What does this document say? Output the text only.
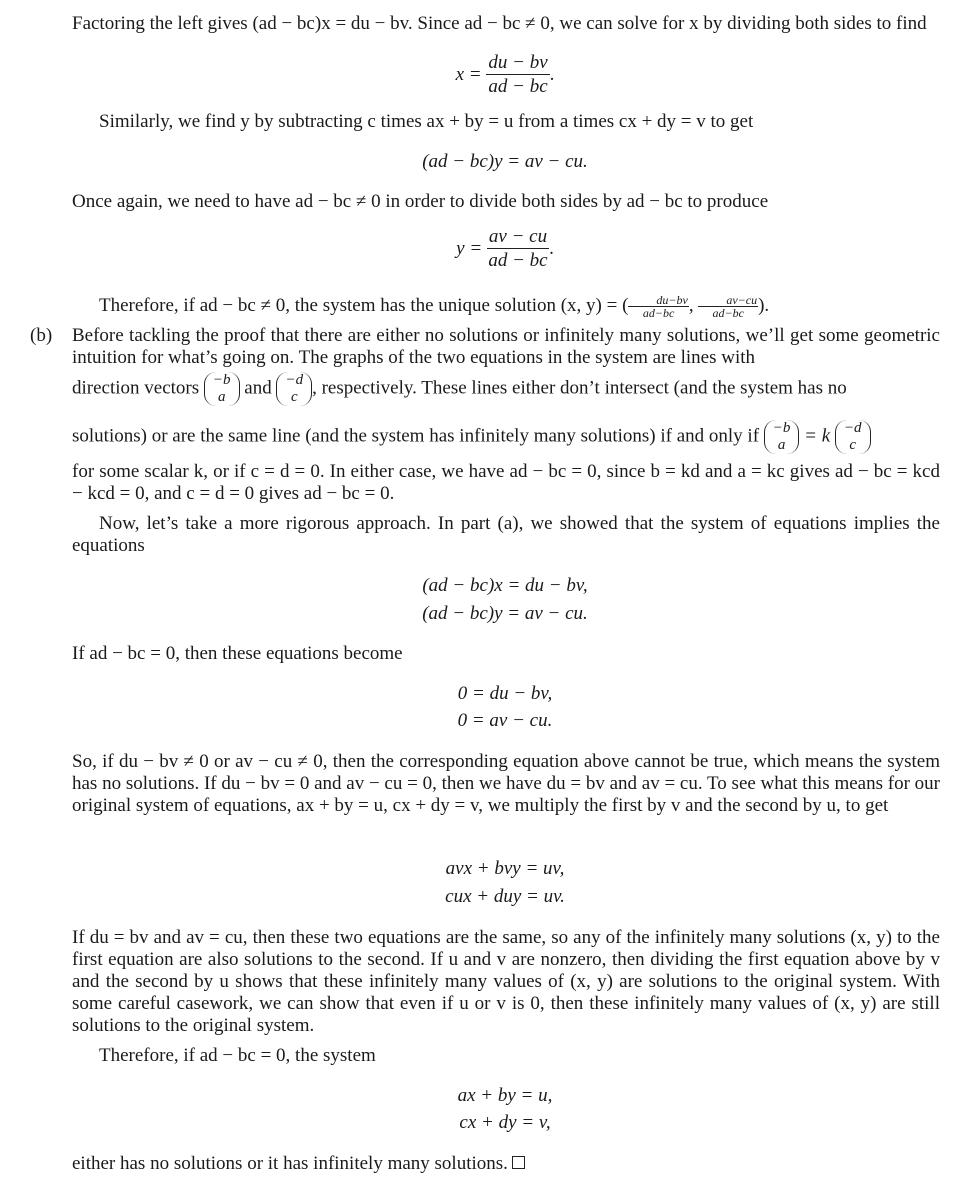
Factoring the left gives (ad − bc)x = du − bv. Since ad − bc ≠ 0, we can solve for x by dividing both sides to find
$x = \frac{du - bv}{ad - bc}$ .
Similarly, we find y by subtracting c times ax + by = u from a times cx + dy = v to get
(ad − bc)y = av − cu.
Once again, we need to have ad − bc ≠ 0 in order to divide both sides by ad − bc to produce
$y = \frac{av - cu}{ad - bc}$ .
Therefore, if ad − bc ≠ 0, the system has the unique solution (x, y) = ( $\frac{du-bv}{ad-bc}$, $\frac{av-cu}{ad-bc}$).
(b) Before tackling the proof that there are either no solutions or infinitely many solutions, we’ll get some geometric intuition for what’s going on. The graphs of the two equations in the system are lines with
direction vectors −b
a and −d
c , respectively. These lines either don’t intersect (and the system has no
solutions) or are the same line (and the system has infinitely many solutions) if and only if −b
a = k −d
c
for some scalar k, or if c = d = 0. In either case, we have ad − bc = 0, since b = kd and a = kc gives ad − bc = kcd − kcd = 0, and c = d = 0 gives ad − bc = 0.
Now, let’s take a more rigorous approach. In part (a), we showed that the system of equations implies the equations
(ad − bc)x = du − bv,
(ad − bc)y = av − cu.
If ad − bc = 0, then these equations become
0 = du − bv,
0 = av − cu.
So, if du − bv ≠ 0 or av − cu ≠ 0, then the corresponding equation above cannot be true, which means the system has no solutions. If du − bv = 0 and av − cu = 0, then we have du = bv and av = cu. To see what this means for our original system of equations, ax + by = u, cx + dy = v, we multiply the first by v and the second by u, to get
avx + bvy = uv,
cux + duy = uv.
If du = bv and av = cu, then these two equations are the same, so any of the infinitely many solutions (x, y) to the first equation are also solutions to the second. If u and v are nonzero, then dividing the first equation above by v and the second by u shows that these infinitely many values of (x, y) are solutions to the original system. With some careful casework, we can show that even if u or v is 0, then these infinitely many values of (x, y) are still solutions to the original system.
Therefore, if ad − bc = 0, the system
ax + by = u,
cx + dy = v,
either has no solutions or it has infinitely many solutions.
